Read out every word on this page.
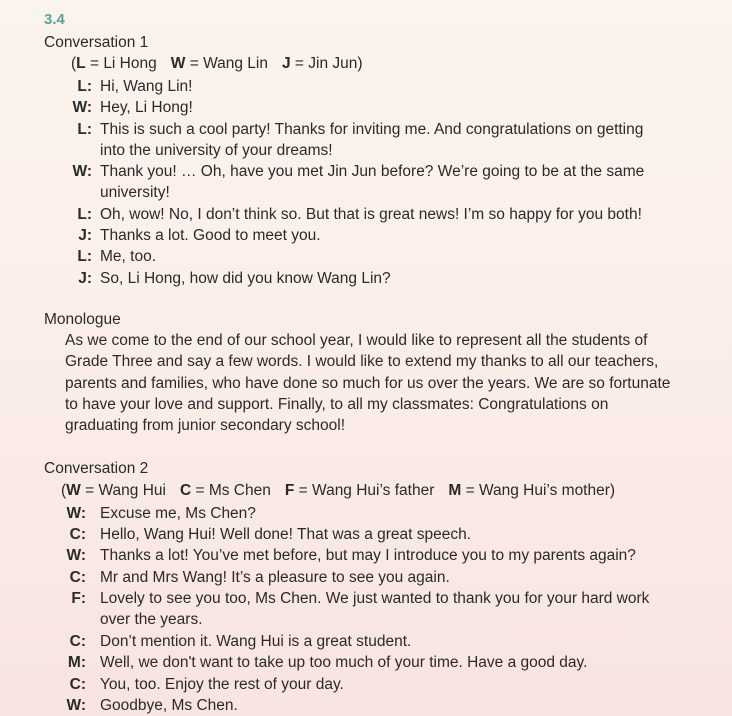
3.4
Conversation 1
(L = Li Hong W = Wang Lin J = Jin Jun)
L: Hi, Wang Lin!
W: Hey, Li Hong!
L: This is such a cool party! Thanks for inviting me. And congratulations on getting
into the university of your dreams!
W: Thank you! … Oh, have you met Jin Jun before? We’re going to be at the same
university!
L: Oh, wow! No, I don’t think so. But that is great news! I’m so happy for you both!
J: Thanks a lot. Good to meet you.
L: Me, too.
J: So, Li Hong, how did you know Wang Lin?
Monologue
As we come to the end of our school year, I would like to represent all the students of Grade Three and say a few words. I would like to extend my thanks to all our teachers, parents and families, who have done so much for us over the years. We are so fortunate to have your love and support. Finally, to all my classmates: Congratulations on graduating from junior secondary school!
Conversation 2
(W = Wang Hui C = Ms Chen F = Wang Hui’s father M = Wang Hui’s mother)
W: Excuse me, Ms Chen?
C: Hello, Wang Hui! Well done! That was a great speech.
W: Thanks a lot! You’ve met before, but may I introduce you to my parents again?
C: Mr and Mrs Wang! It’s a pleasure to see you again.
F: Lovely to see you too, Ms Chen. We just wanted to thank you for your hard work
over the years.
C: Don’t mention it. Wang Hui is a great student.
M: Well, we don't want to take up too much of your time. Have a good day.
C: You, too. Enjoy the rest of your day.
W: Goodbye, Ms Chen.
